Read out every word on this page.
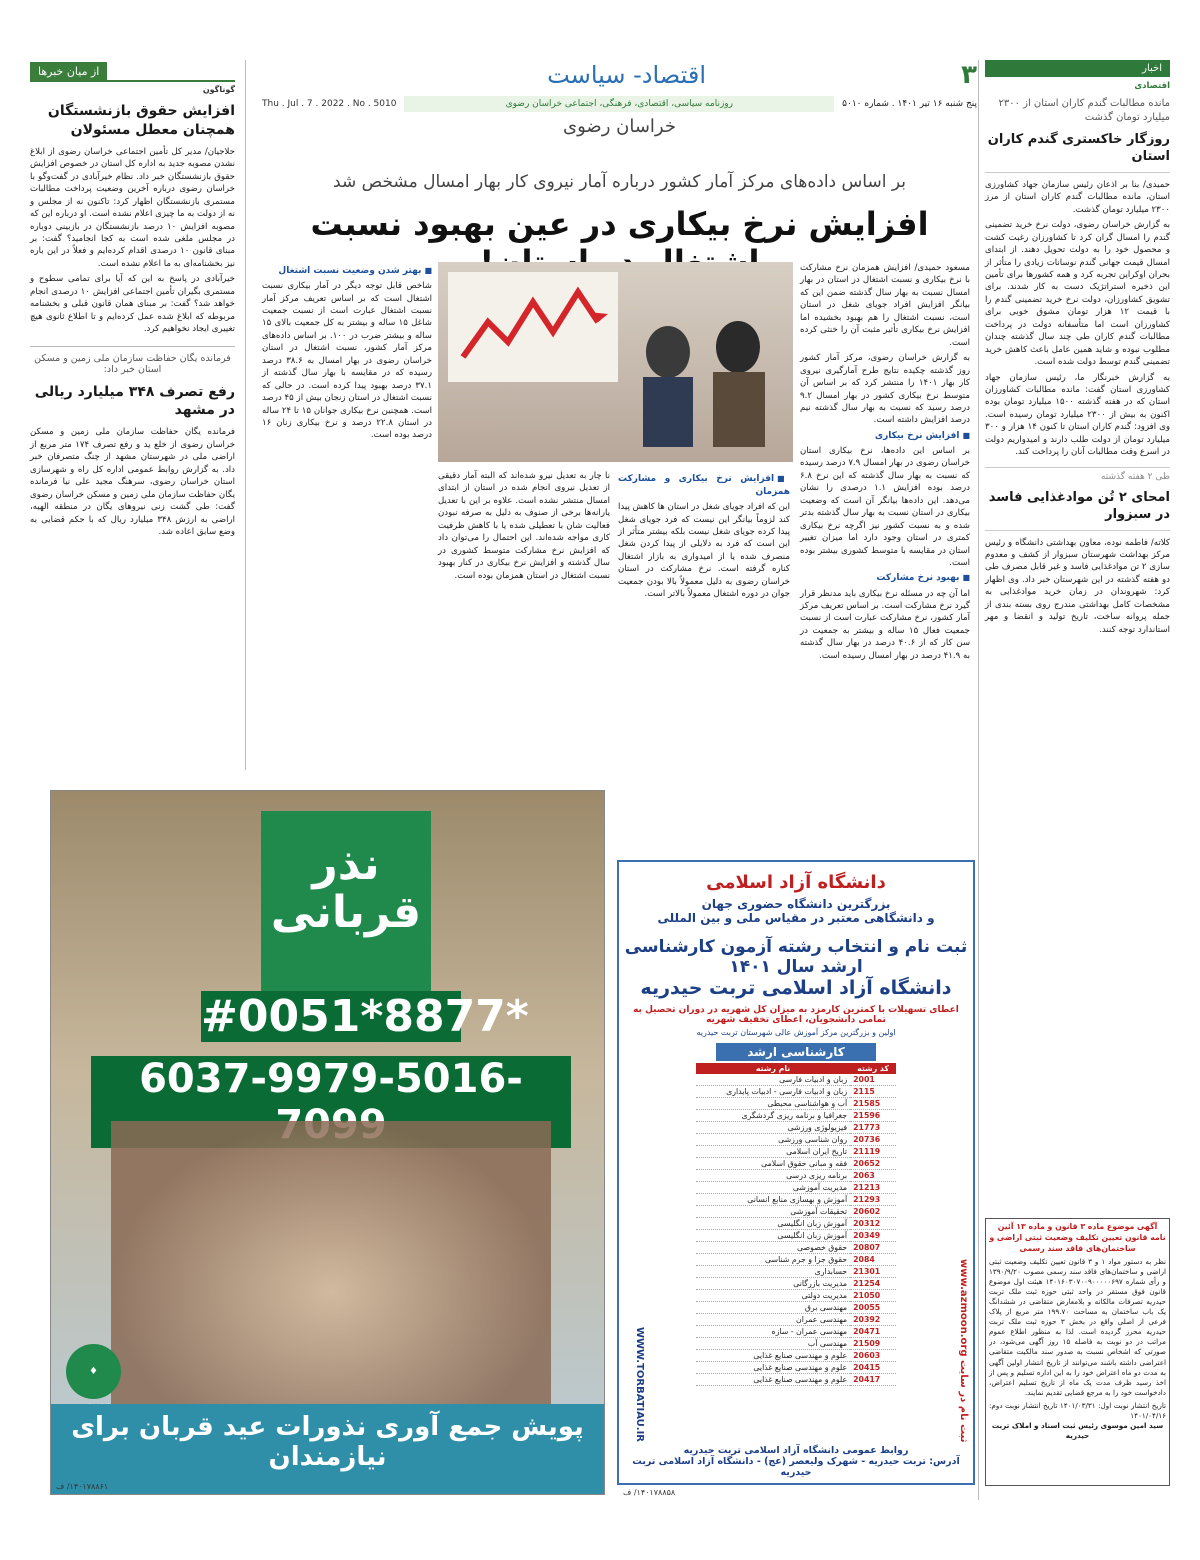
از میان خبرها
گوناگون
افزایش حقوق بازنشستگان همچنان معطل مسئولان

حلاجیان/ مدیر کل تأمین اجتماعی خراسان رضوی از ابلاغ نشدن مصوبه جدید به اداره کل استان در خصوص افزایش حقوق بازنشستگان خبر داد. نظام خیرآبادی در گفت‌وگو با خراسان رضوی درباره آخرین وضعیت پرداخت مطالبات مستمری بازنشستگان اظهار کرد: تاکنون نه از مجلس و نه از دولت به ما چیزی اعلام نشده است. او درباره این که مصوبه افزایش ۱۰ درصد بازنشستگان در بازبینی دوباره در مجلس ملغی شده است به کجا انجامید؟ گفت: بر مبنای قانون ۱۰ درصدی اقدام کرده‌ایم و فعلاً در این باره نیز بخشنامه‌ای به ما اعلام نشده است.

خیرآبادی در پاسخ به این که آیا برای تمامی سطوح و مستمری بگیران تأمین اجتماعی افزایش ۱۰ درصدی انجام خواهد شد؟ گفت: بر مبنای همان قانون قبلی و بخشنامه مربوطه که ابلاغ شده عمل کرده‌ایم و تا اطلاع ثانوی هیچ تغییری ایجاد نخواهیم کرد.

فرمانده یگان حفاظت سازمان ملی زمین و مسکن استان خبر داد:
رفع تصرف ۳۴۸ میلیارد ریالی در مشهد
فرمانده یگان حفاظت سازمان ملی زمین و مسکن خراسان رضوی از خلع ید و رفع تصرف ۱۷۴ متر مربع از اراضی ملی در شهرستان مشهد از چنگ متصرفان خبر داد. به گزارش روابط عمومی اداره کل راه و شهرسازی استان خراسان رضوی، سرهنگ مجید علی نیا فرمانده یگان حفاظت سازمان ملی زمین و مسکن خراسان رضوی گفت: طی گشت زنی نیروهای یگان در منطقه الهیه، اراضی به ارزش ۳۴۸ میلیارد ریال که با حکم قضایی به وضع سابق اعاده شد.
۳
اقتصاد- سیاست
پنج شنبه ۱۶ تیر ۱۴۰۱ . شماره ۵۰۱۰
روزنامه سیاسی، اقتصادی، فرهنگی، اجتماعی خراسان رضوی
Thu . Jul . 7 . 2022 . No . 5010
خراسان رضوی
بر اساس داده‌های مرکز آمار کشور درباره آمار نیروی کار بهار امسال مشخص شد
افزایش نرخ بیکاری در عین بهبود نسبت

مسعود حمیدی/ افزایش همزمان نرخ مشارکت با نرخ بیکاری و نسبت اشتغال در استان در بهار امسال نسبت به بهار سال گذشته ضمن این که بیانگر افزایش افراد جویای شغل در استان است، نسبت اشتغال را هم بهبود بخشیده اما افزایش نرخ بیکاری تأثیر مثبت آن را خنثی کرده است.

به گزارش خراسان رضوی، مرکز آمار کشور روز گذشته چکیده نتایج طرح آمارگیری نیروی کار بهار ۱۴۰۱ را منتشر کرد که بر اساس آن متوسط نرخ بیکاری کشور در بهار امسال ۹.۲ درصد رسید که نسبت به بهار سال گذشته نیم درصد افزایش داشته است.

■ افزایش نرخ بیکاری

بر اساس این داده‌ها، نرخ بیکاری استان خراسان رضوی در بهار امسال ۷.۹ درصد رسیده که نسبت به بهار سال گذشته که این نرخ ۶.۸ درصد بوده افزایش ۱.۱ درصدی را نشان می‌دهد. این داده‌ها بیانگر آن است که وضعیت بیکاری در استان نسبت به بهار سال گذشته بدتر شده و به نسبت کشور نیز اگرچه نرخ بیکاری کمتری در استان وجود دارد اما میزان تغییر استان در مقایسه با متوسط کشوری بیشتر بوده است.

■ بهبود نرخ مشارکت

اما آن چه در مسئله نرخ بیکاری باید مدنظر قرار گیرد نرخ مشارکت است. بر اساس تعریف مرکز آمار کشور، نرخ مشارکت عبارت است از نسبت جمعیت فعال ۱۵ ساله و بیشتر به جمعیت در سن کار که از ۴۰.۶ درصد در بهار سال گذشته به ۴۱.۹ درصد در بهار امسال رسیده است.

■ افزایش نرخ بیکاری و مشارکت همزمان

این که افراد جویای شغل در استان ها کاهش پیدا کند لزوماً بیانگر این نیست که فرد جویای شغل پیدا کرده جویای شغل نیست بلکه بیشتر متأثر از این است که فرد به دلایلی از پیدا کردن شغل منصرف شده یا از امیدواری به بازار اشتغال کناره گرفته است. نرخ مشارکت در استان خراسان رضوی به دلیل معمولاً بالا بودن جمعیت جوان در دوره اشتغال معمولاً بالاتر است.

نا چار به تعدیل نیرو شده‌اند که البته آمار دقیقی از تعدیل نیروی انجام شده در استان از ابتدای امسال منتشر نشده است. علاوه بر این با تعدیل یارانه‌ها برخی از صنوف به دلیل به صرفه نبودن فعالیت شان با تعطیلی شده یا با کاهش ظرفیت کاری مواجه شده‌اند. این احتمال را می‌توان داد که افزایش نرخ مشارکت متوسط کشوری در سال گذشته و افزایش نرخ بیکاری در کنار بهبود نسبت اشتغال در استان همزمان بوده است.

■ بهتر شدن وضعیت نسبت اشتغال

شاخص قابل توجه دیگر در آمار بیکاری نسبت اشتغال است که بر اساس تعریف مرکز آمار نسبت اشتغال عبارت است از نسبت جمعیت شاغل ۱۵ ساله و بیشتر به کل جمعیت بالای ۱۵ ساله و بیشتر ضرب در ۱۰۰. بر اساس داده‌های مرکز آمار کشور، نسبت اشتغال در استان خراسان رضوی در بهار امسال به ۳۸.۶ درصد رسیده که در مقایسه با بهار سال گذشته از ۳۷.۱ درصد بهبود پیدا کرده است. در حالی که نسبت اشتغال در استان زنجان بیش از ۴۵ درصد است. همچنین نرخ بیکاری جوانان ۱۵ تا ۲۴ ساله در استان ۲۲.۸ درصد و نرخ بیکاری زنان ۱۶ درصد بوده است.

اخبار
اقتصادی
مانده مطالبات گندم کاران استان از ۲۳۰۰ میلیارد تومان گذشت
روزگار خاکستری گندم کاران استان

حمیدی/ بنا بر اذعان رئیس سازمان جهاد کشاورزی استان، مانده مطالبات گندم کاران استان از مرز ۲۳۰۰ میلیارد تومان گذشت.

به گزارش خراسان رضوی، دولت نرخ خرید تضمینی گندم را امسال گران کرد تا کشاورزان رغبت کشت و محصول خود را به دولت تحویل دهند. از ابتدای امسال قیمت جهانی گندم نوسانات زیادی را متأثر از بحران اوکراین تجربه کرد و همه کشورها برای تأمین این ذخیره استراتژیک دست به کار شدند. برای تشویق کشاورزان، دولت نرخ خرید تضمینی گندم را با قیمت ۱۲ هزار تومان مشوق خوبی برای کشاورزان است اما متأسفانه دولت در پرداخت مطالبات گندم کاران طی چند سال گذشته چندان مطلوب نبوده و شاید همین عامل باعث کاهش خرید تضمینی گندم توسط دولت شده است.

به گزارش خبرنگار ما، رئیس سازمان جهاد کشاورزی استان گفت: مانده مطالبات کشاورزان استان که در هفته گذشته ۱۵۰۰ میلیارد تومان بوده اکنون به بیش از ۲۳۰۰ میلیارد تومان رسیده است. وی افزود: گندم کاران استان تا کنون ۱۴ هزار و ۳۰۰ میلیارد تومان از دولت طلب دارند و امیدواریم دولت در اسرع وقت مطالبات آنان را پرداخت کند.

طی ۲ هفته گذشته
امحای ۲ تُن موادغذایی فاسد در سبزوار
کلاته/ فاطمه نوده، معاون بهداشتی دانشگاه و رئیس مرکز بهداشت شهرستان سبزوار از کشف و معدوم سازی ۲ تن موادغذایی فاسد و غیر قابل مصرف طی دو هفته گذشته در این شهرستان خبر داد. وی اظهار کرد: شهروندان در زمان خرید موادغذایی به مشخصات کامل بهداشتی مندرج روی بسته بندی از جمله پروانه ساخت، تاریخ تولید و انقضا و مهر استاندارد توجه کنند.
آگهی موضوع ماده ۳ قانون و ماده ۱۳ آئین نامه قانون تعیین تکلیف وضعیت ثبتی اراضی و ساختمان‌های فاقد سند رسمی
نظر به دستور مواد ۱ و ۳ قانون تعیین تکلیف وضعیت ثبتی اراضی و ساختمان‌های فاقد سند رسمی مصوب ۱۳۹۰/۹/۲۰ و رأی شماره ۱۴۰۱۶۰۳۰۷۰۰۹۰۰۰۰۰۶۹۷ هیئت اول موضوع قانون فوق مستقر در واحد ثبتی حوزه ثبت ملک تربت حیدریه تصرفات مالکانه و بلامعارض متقاضی در ششدانگ یک باب ساختمان به مساحت ۱۹۹.۷۰ متر مربع از پلاک فرعی از اصلی واقع در بخش ۳ حوزه ثبت ملک تربت حیدریه محرز گردیده است. لذا به منظور اطلاع عموم مراتب در دو نوبت به فاصله ۱۵ روز آگهی می‌شود، در صورتی که اشخاص نسبت به صدور سند مالکیت متقاضی اعتراضی داشته باشند می‌توانند از تاریخ انتشار اولین آگهی به مدت دو ماه اعتراض خود را به این اداره تسلیم و پس از اخذ رسید ظرف مدت یک ماه از تاریخ تسلیم اعتراض، دادخواست خود را به مرجع قضایی تقدیم نمایند.
تاریخ انتشار نوبت اول: ۱۴۰۱/۰۳/۳۱ تاریخ انتشار نوبت دوم: ۱۴۰۱/۰۴/۱۶
سید امین موسوی رئیس ثبت اسناد و املاک تربت حیدریه
نذر قربانی
#0051*8877*
6037-9979-5016-
♦
پویش جمع آوری نذورات عید قربان برای نیازمندان
۱۴۰۱۷۸۸۶۱/ ف
دانشگاه آزاد اسلامی
بزرگترین دانشگاه حضوری جهان
و دانشگاهی معتبر در مقیاس ملی و بین المللی
ثبت نام و انتخاب رشته آزمون کارشناسی ارشد سال ۱۴۰۱
دانشگاه آزاد اسلامی تربت حیدریه
اعطای تسهیلات با کمترین کارمزد به میزان کل شهریه در دوران تحصیل به تمامی دانشجویان، اعطای تخفیف شهریه
اولین و بزرگترین مرکز آموزش عالی شهرستان تربت حیدریه
کارشناسی ارشد
کد رشته	نام رشته
2001	زبان و ادبیات فارسی
2115	زبان و ادبیات فارسی - ادبیات پایداری
21585	آب و هواشناسی محیطی
21596	جغرافیا و برنامه ریزی گردشگری
21773	فیزیولوژی ورزشی
20736	روان شناسی ورزشی
21119	تاریخ ایران اسلامی
20652	فقه و مبانی حقوق اسلامی
2063	برنامه ریزی درسی
21213	مدیریت آموزشی
21293	آموزش و بهسازی منابع انسانی
20602	تحقیقات آموزشی
20312	آموزش زبان انگلیسی
20349	آموزش زبان انگلیسی
20807	حقوق خصوصی
2084	حقوق جزا و جرم شناسی
21301	حسابداری
21254	مدیریت بازرگانی
21050	مدیریت دولتی
20055	مهندسی برق
20392	مهندسی عمران
20471	مهندسی عمران - سازه
21509	مهندسی آب
20603	علوم و مهندسی صنایع غذایی
20415	علوم و مهندسی صنایع غذایی
20417	علوم و مهندسی صنایع غذایی
WWW.TORBATIAU.IR
ثبت نام در سایت www.azmoon.org
روابط عمومی دانشگاه آزاد اسلامی تربت حیدریه
آدرس: تربت حیدریه - شهرک ولیعصر (عج) - دانشگاه آزاد اسلامی تربت حیدریه
۱۴۰۱۷۸۸۵۸/ ف
